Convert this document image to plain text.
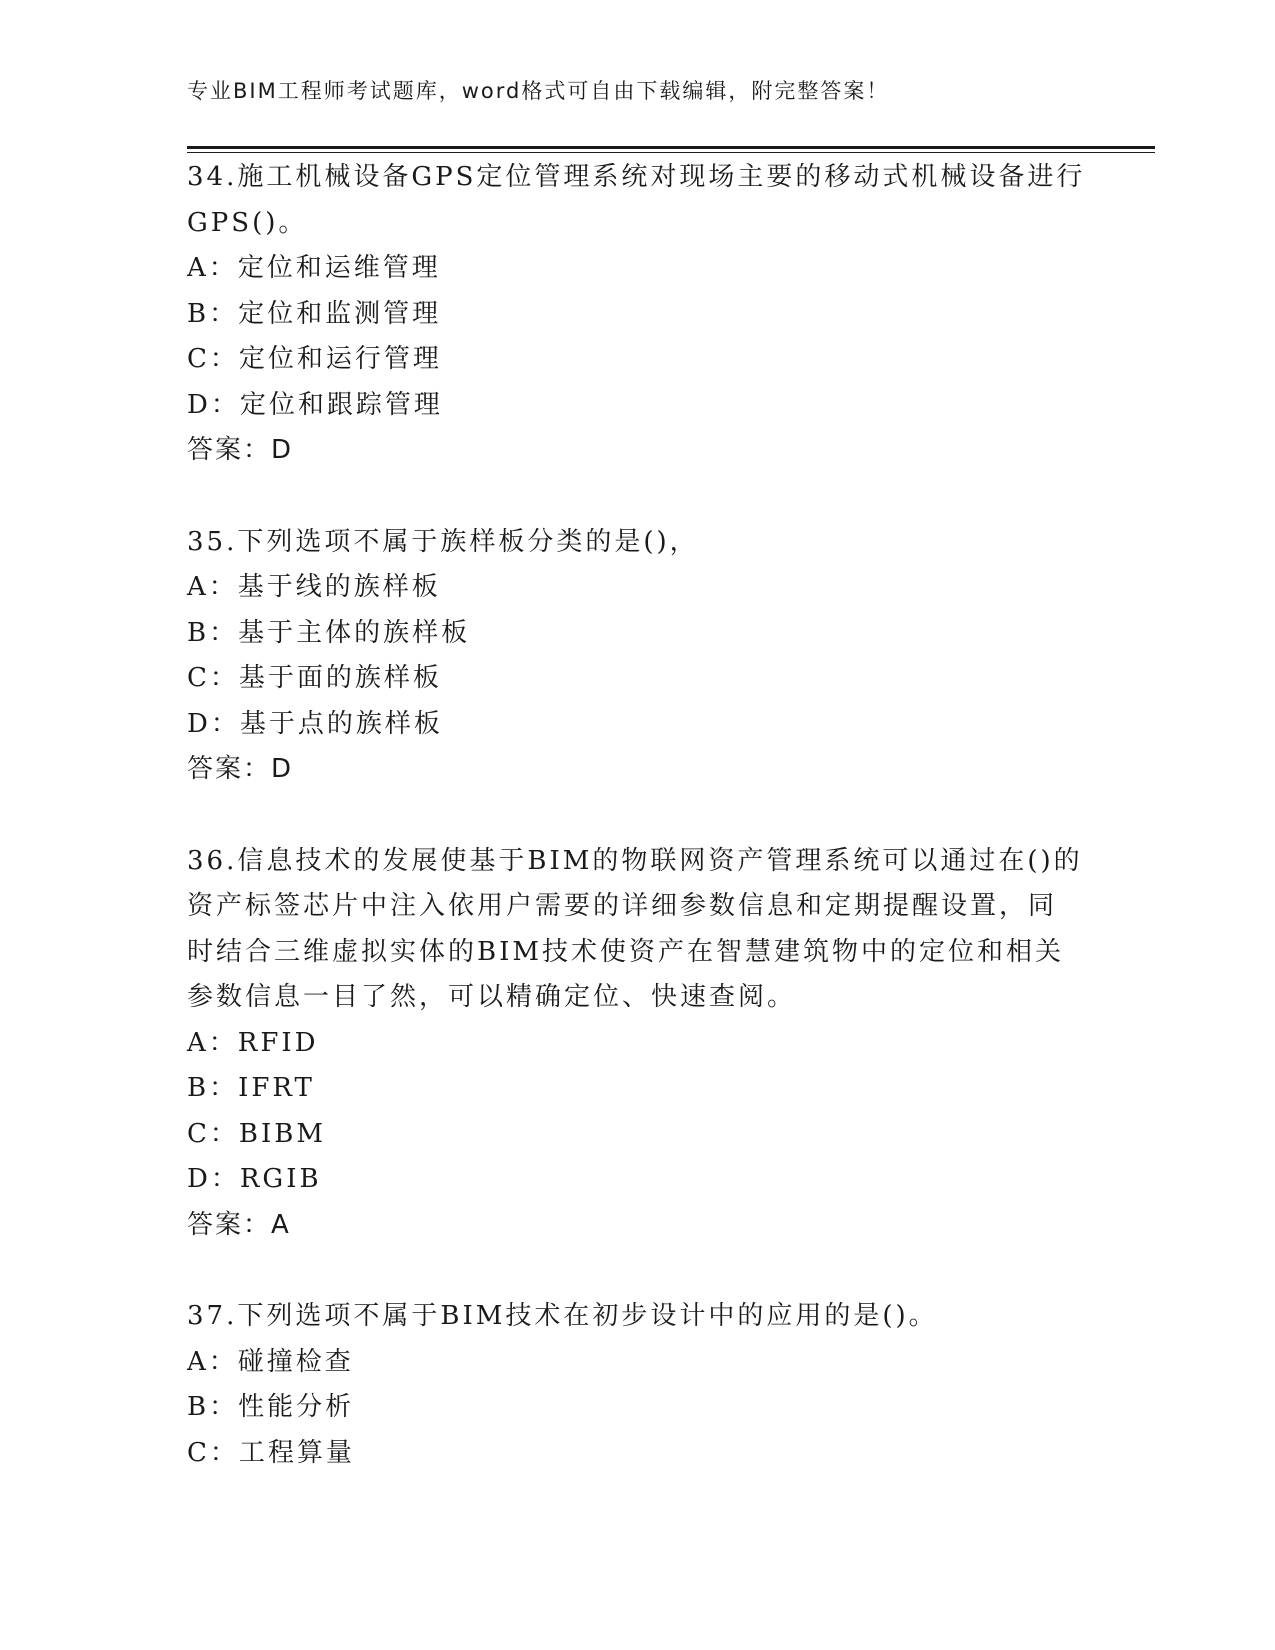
专业BIM工程师考试题库，word格式可自由下载编辑，附完整答案！
34.施工机械设备GPS定位管理系统对现场主要的移动式机械设备进行
GPS()。
A：定位和运维管理
B：定位和监测管理
C：定位和运行管理
D：定位和跟踪管理
答案：D
35.下列选项不属于族样板分类的是()，
A：基于线的族样板
B：基于主体的族样板
C：基于面的族样板
D：基于点的族样板
答案：D
36.信息技术的发展使基于BIM的物联网资产管理系统可以通过在()的
资产标签芯片中注入依用户需要的详细参数信息和定期提醒设置，同
时结合三维虚拟实体的BIM技术使资产在智慧建筑物中的定位和相关
参数信息一目了然，可以精确定位、快速查阅。
A：RFID
B：IFRT
C：BIBM
D：RGIB
答案：A
37.下列选项不属于BIM技术在初步设计中的应用的是()。
A：碰撞检查
B：性能分析
C：工程算量
